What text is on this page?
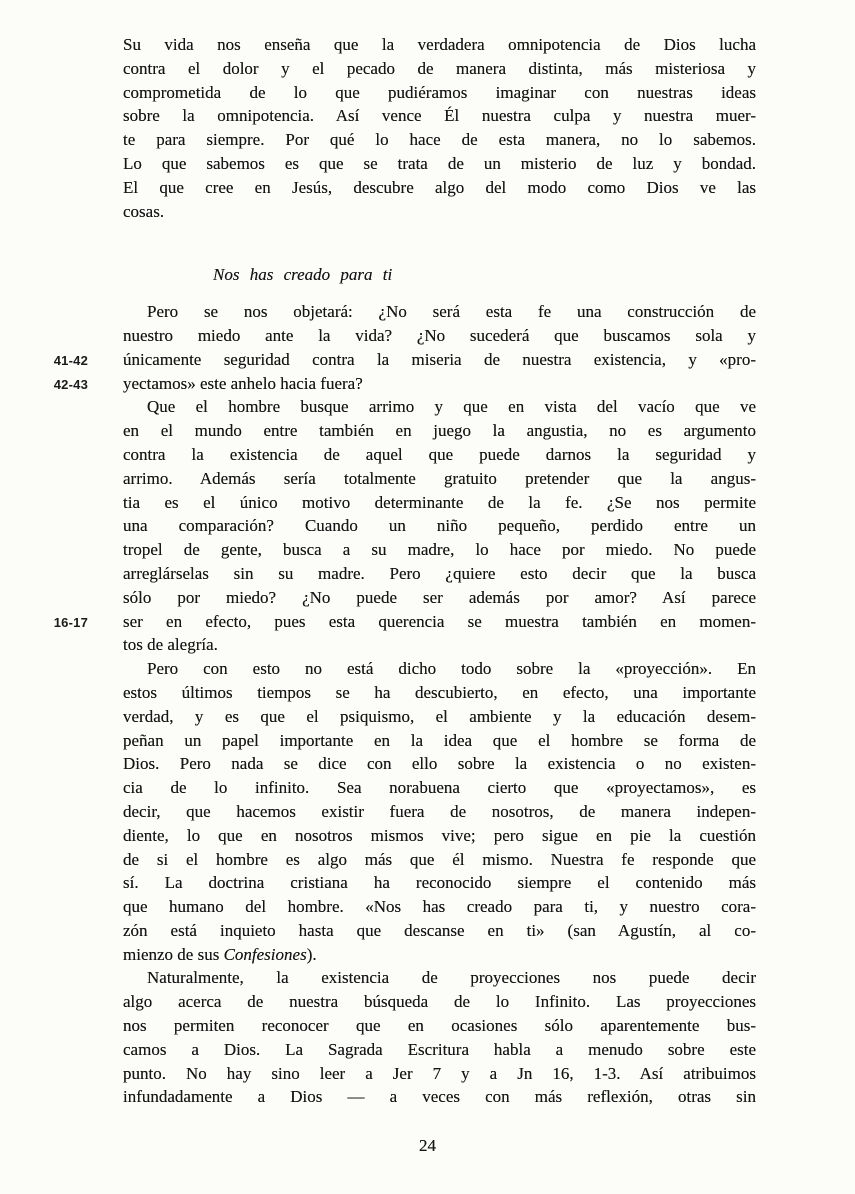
41-42
42-43
16-17
Su vida nos enseña que la verdadera omnipotencia de Dios lucha
contra el dolor y el pecado de manera distinta, más misteriosa y
comprometida de lo que pudiéramos imaginar con nuestras ideas
sobre la omnipotencia. Así vence Él nuestra culpa y nuestra muer-
te para siempre. Por qué lo hace de esta manera, no lo sabemos.
Lo que sabemos es que se trata de un misterio de luz y bondad.
El que cree en Jesús, descubre algo del modo como Dios ve las
cosas.
Nos has creado para ti
Pero se nos objetará: ¿No será esta fe una construcción de
nuestro miedo ante la vida? ¿No sucederá que buscamos sola y
únicamente seguridad contra la miseria de nuestra existencia, y «pro-
yectamos» este anhelo hacia fuera?
Que el hombre busque arrimo y que en vista del vacío que ve
en el mundo entre también en juego la angustia, no es argumento
contra la existencia de aquel que puede darnos la seguridad y
arrimo. Además sería totalmente gratuito pretender que la angus-
tia es el único motivo determinante de la fe. ¿Se nos permite
una comparación? Cuando un niño pequeño, perdido entre un
tropel de gente, busca a su madre, lo hace por miedo. No puede
arreglárselas sin su madre. Pero ¿quiere esto decir que la busca
sólo por miedo? ¿No puede ser además por amor? Así parece
ser en efecto, pues esta querencia se muestra también en momen-
tos de alegría.
Pero con esto no está dicho todo sobre la «proyección». En
estos últimos tiempos se ha descubierto, en efecto, una importante
verdad, y es que el psiquismo, el ambiente y la educación desem-
peñan un papel importante en la idea que el hombre se forma de
Dios. Pero nada se dice con ello sobre la existencia o no existen-
cia de lo infinito. Sea norabuena cierto que «proyectamos», es
decir, que hacemos existir fuera de nosotros, de manera indepen-
diente, lo que en nosotros mismos vive; pero sigue en pie la cuestión
de si el hombre es algo más que él mismo. Nuestra fe responde que
sí. La doctrina cristiana ha reconocido siempre el contenido más
que humano del hombre. «Nos has creado para ti, y nuestro cora-
zón está inquieto hasta que descanse en ti» (san Agustín, al co-
mienzo de sus Confesiones).
Naturalmente, la existencia de proyecciones nos puede decir
algo acerca de nuestra búsqueda de lo Infinito. Las proyecciones
nos permiten reconocer que en ocasiones sólo aparentemente bus-
camos a Dios. La Sagrada Escritura habla a menudo sobre este
punto. No hay sino leer a Jer 7 y a Jn 16, 1-3. Así atribuimos
infundadamente a Dios — a veces con más reflexión, otras sin
24
